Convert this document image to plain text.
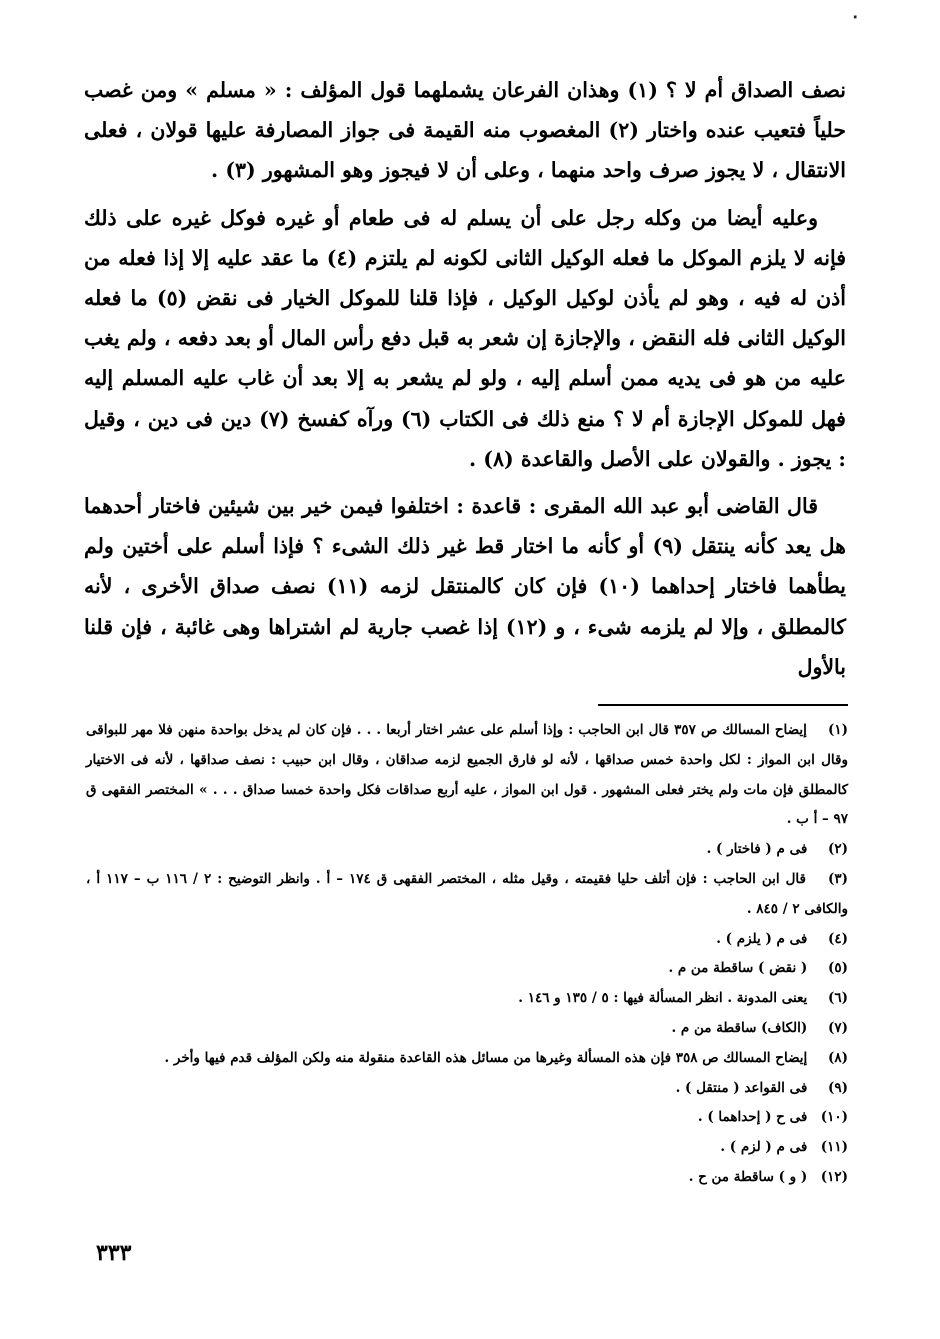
٠

نصف الصداق أم لا ؟ (١) وهذان الفرعان يشملهما قول المؤلف : « مسلم » ومن غصب حلياً فتعيب عنده واختار (٢) المغصوب منه القيمة فى جواز المصارفة عليها قولان ، فعلى الانتقال ، لا يجوز صرف واحد منهما ، وعلى أن لا فيجوز وهو المشهور (٣) .

وعليه أيضا من وكله رجل على أن يسلم له فى طعام أو غيره فوكل غيره على ذلك فإنه لا يلزم الموكل ما فعله الوكيل الثانى لكونه لم يلتزم (٤) ما عقد عليه إلا إذا فعله من أذن له فيه ، وهو لم يأذن لوكيل الوكيل ، فإذا قلنا للموكل الخيار فى نقض (٥) ما فعله الوكيل الثانى فله النقض ، والإجازة إن شعر به قبل دفع رأس المال أو بعد دفعه ، ولم يغب عليه من هو فى يديه ممن أسلم إليه ، ولو لم يشعر به إلا بعد أن غاب عليه المسلم إليه فهل للموكل الإجازة أم لا ؟ منع ذلك فى الكتاب (٦) ورآه كفسخ (٧) دين فى دين ، وقيل : يجوز . والقولان على الأصل والقاعدة (٨) .

قال القاضى أبو عبد الله المقرى : قاعدة : اختلفوا فيمن خير بين شيئين فاختار أحدهما هل يعد كأنه ينتقل (٩) أو كأنه ما اختار قط غير ذلك الشىء ؟ فإذا أسلم على أختين ولم يطأهما فاختار إحداهما (١٠) فإن كان كالمنتقل لزمه (١١) نصف صداق الأخرى ، لأنه كالمطلق ، وإلا لم يلزمه شىء ، و (١٢) إذا غصب جارية لم اشتراها وهى غائبة ، فإن قلنا بالأول

(١) إيضاح المسالك ص ٣٥٧ قال ابن الحاجب : وإذا أسلم على عشر اختار أربعا . . . فإن كان لم يدخل بواحدة منهن فلا مهر للبواقى وقال ابن المواز : لكل واحدة خمس صداقها ، لأنه لو فارق الجميع لزمه صداقان ، وقال ابن حبيب : نصف صداقها ، لأنه فى الاختيار كالمطلق فإن مات ولم يختر فعلى المشهور . قول ابن المواز ، عليه أربع صداقات فكل واحدة خمسا صداق . . . » المختصر الفقهى ق ٩٧ – أ ب .

(٢) فى م ( فاختار ) .

(٣) قال ابن الحاجب : فإن أتلف حليا فقيمته ، وقيل مثله ، المختصر الفقهى ق ١٧٤ – أ . وانظر التوضيح : ٢ / ١١٦ ب – ١١٧ أ ، والكافى ٢ / ٨٤٥ .

(٤) فى م ( يلزم ) .

(٥) ( نقض ) ساقطة من م .

(٦) يعنى المدونة . انظر المسألة فيها : ٥ / ١٣٥ و ١٤٦ .

(٧) (الكاف) ساقطة من م .

(٨) إيضاح المسالك ص ٣٥٨ فإن هذه المسألة وغيرها من مسائل هذه القاعدة منقولة منه ولكن المؤلف قدم فيها وأخر .

(٩) فى القواعد ( منتقل ) .

(١٠) فى ح ( إحداهما ) .

(١١) فى م ( لزم ) .

(١٢) ( و ) ساقطة من ح .

٣٣٣
